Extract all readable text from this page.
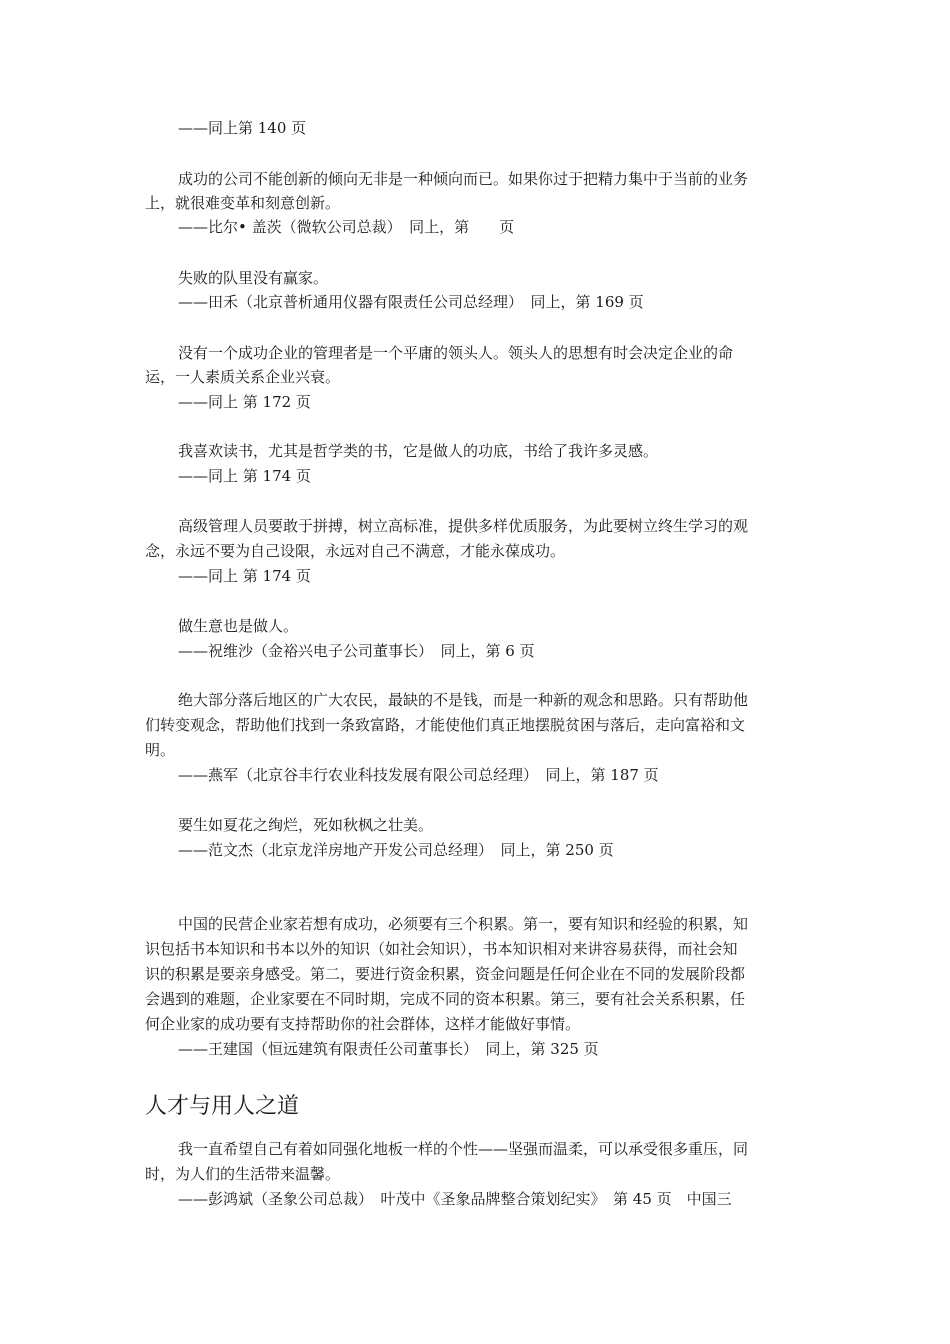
——同上第 140 页
成功的公司不能创新的倾向无非是一种倾向而已。如果你过于把精力集中于当前的业务
上，就很难变革和刻意创新。
——比尔• 盖茨（微软公司总裁）　同上，第　　页
失败的队里没有赢家。
——田禾（北京普析通用仪器有限责任公司总经理）　同上，第 169 页
没有一个成功企业的管理者是一个平庸的领头人。领头人的思想有时会决定企业的命
运，一人素质关系企业兴衰。
——同上 第 172 页
我喜欢读书，尤其是哲学类的书，它是做人的功底，书给了我许多灵感。
——同上 第 174 页
高级管理人员要敢于拼搏，树立高标准，提供多样优质服务，为此要树立终生学习的观
念，永远不要为自己设限，永远对自己不满意，才能永葆成功。
——同上 第 174 页
做生意也是做人。
——祝维沙（金裕兴电子公司董事长）　同上，第 6 页
绝大部分落后地区的广大农民，最缺的不是钱，而是一种新的观念和思路。只有帮助他
们转变观念，帮助他们找到一条致富路，才能使他们真正地摆脱贫困与落后，走向富裕和文
明。
——燕军（北京谷丰行农业科技发展有限公司总经理）　同上，第 187 页
要生如夏花之绚烂，死如秋枫之壮美。
——范文杰（北京龙洋房地产开发公司总经理）　同上，第 250 页
中国的民营企业家若想有成功，必须要有三个积累。第一，要有知识和经验的积累，知
识包括书本知识和书本以外的知识（如社会知识），书本知识相对来讲容易获得，而社会知
识的积累是要亲身感受。第二，要进行资金积累，资金问题是任何企业在不同的发展阶段都
会遇到的难题，企业家要在不同时期，完成不同的资本积累。第三，要有社会关系积累，任
何企业家的成功要有支持帮助你的社会群体，这样才能做好事情。
——王建国（恒远建筑有限责任公司董事长）　同上，第 325 页
人才与用人之道
我一直希望自己有着如同强化地板一样的个性——坚强而温柔，可以承受很多重压，同
时，为人们的生活带来温馨。
——彭鸿斌（圣象公司总裁）　叶茂中《圣象品牌整合策划纪实》　第 45 页　中国三
